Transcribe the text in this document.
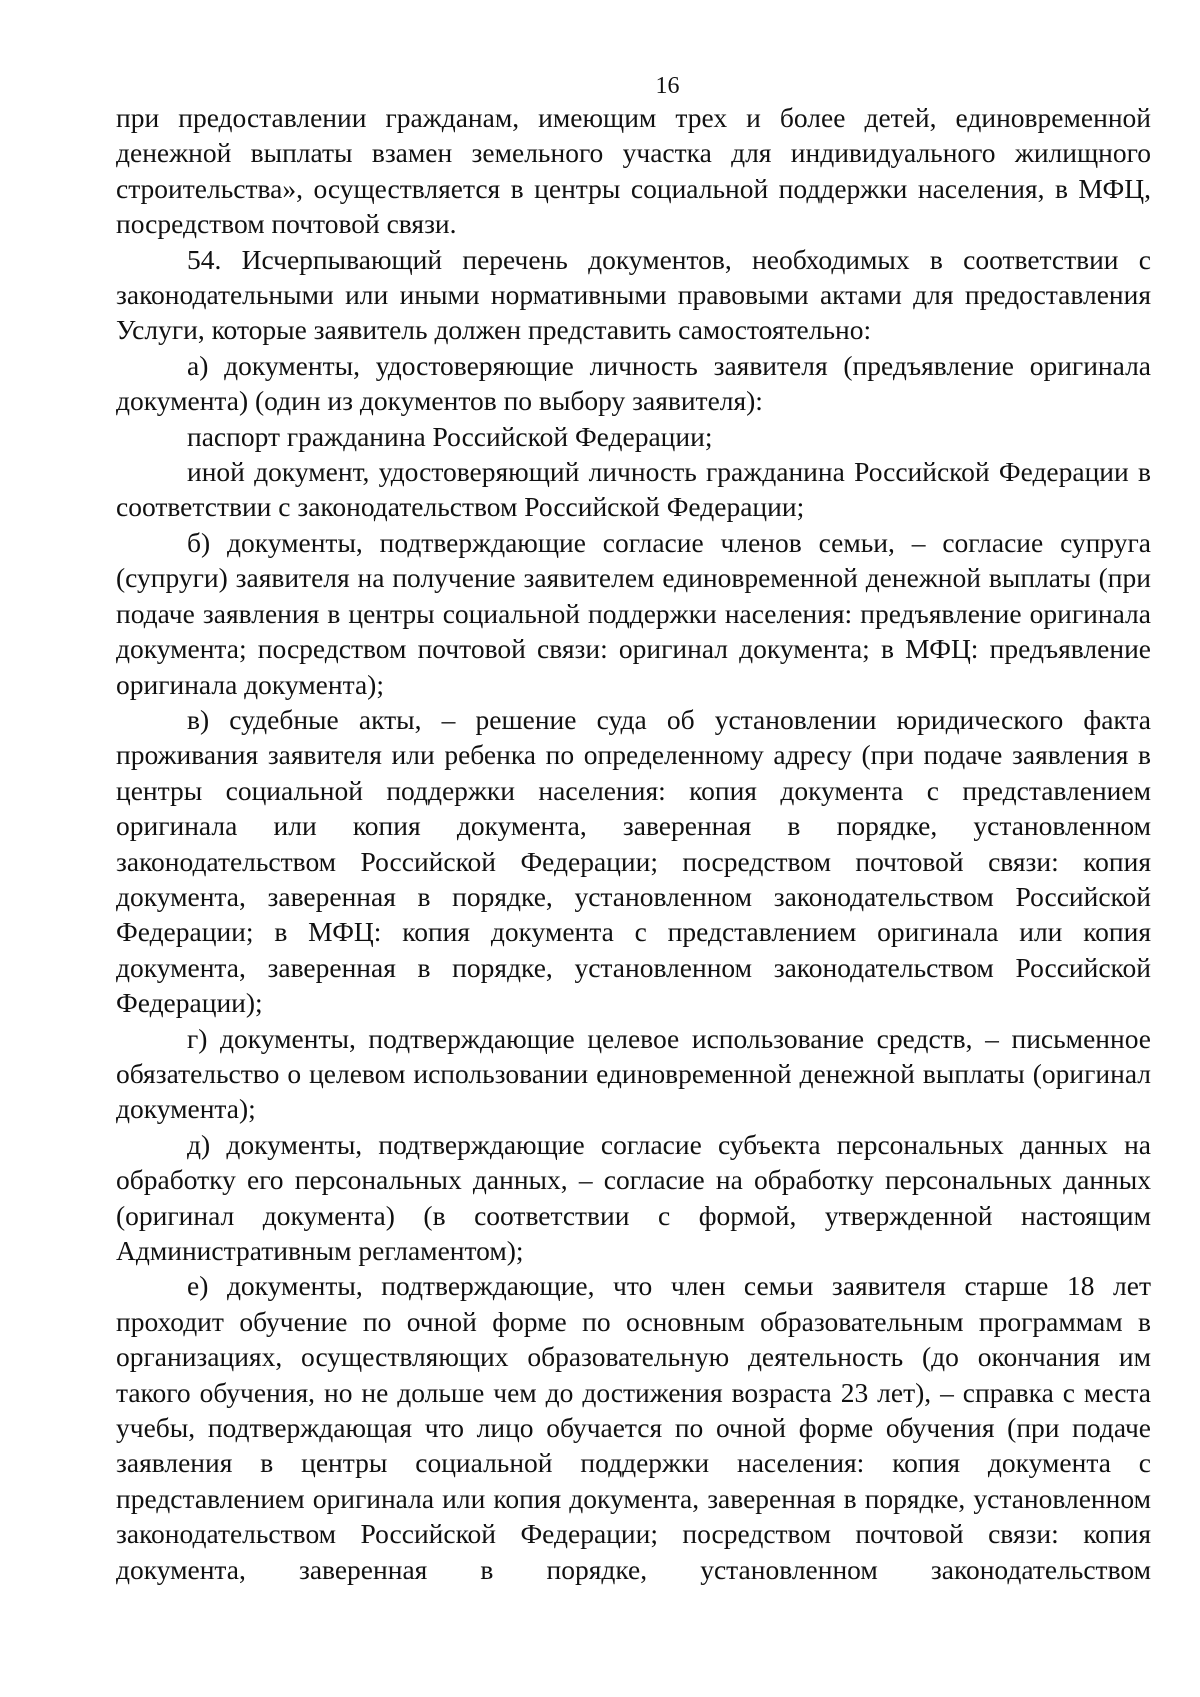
16

при предоставлении гражданам, имеющим трех и более детей, единовременной денежной выплаты взамен земельного участка для индивидуального жилищного строительства», осуществляется в центры социальной поддержки населения, в МФЦ, посредством почтовой связи.

54. Исчерпывающий перечень документов, необходимых в соответствии с законодательными или иными нормативными правовыми актами для предоставления Услуги, которые заявитель должен представить самостоятельно:

а) документы, удостоверяющие личность заявителя (предъявление оригинала документа) (один из документов по выбору заявителя):

паспорт гражданина Российской Федерации;

иной документ, удостоверяющий личность гражданина Российской Федерации в соответствии с законодательством Российской Федерации;

б) документы, подтверждающие согласие членов семьи, – согласие супруга (супруги) заявителя на получение заявителем единовременной денежной выплаты (при подаче заявления в центры социальной поддержки населения: предъявление оригинала документа; посредством почтовой связи: оригинал документа; в МФЦ: предъявление оригинала документа);

в) судебные акты, – решение суда об установлении юридического факта проживания заявителя или ребенка по определенному адресу (при подаче заявления в центры социальной поддержки населения: копия документа с представлением оригинала или копия документа, заверенная в порядке, установленном законодательством Российской Федерации; посредством почтовой связи: копия документа, заверенная в порядке, установленном законодательством Российской Федерации; в МФЦ: копия документа с представлением оригинала или копия документа, заверенная в порядке, установленном законодательством Российской Федерации);

г) документы, подтверждающие целевое использование средств, – письменное обязательство о целевом использовании единовременной денежной выплаты (оригинал документа);

д) документы, подтверждающие согласие субъекта персональных данных на обработку его персональных данных, – согласие на обработку персональных данных (оригинал документа) (в соответствии с формой, утвержденной настоящим Административным регламентом);

е) документы, подтверждающие, что член семьи заявителя старше 18 лет проходит обучение по очной форме по основным образовательным программам в организациях, осуществляющих образовательную деятельность (до окончания им такого обучения, но не дольше чем до достижения возраста 23 лет), – справка с места учебы, подтверждающая что лицо обучается по очной форме обучения (при подаче заявления в центры социальной поддержки населения: копия документа с представлением оригинала или копия документа, заверенная в порядке, установленном законодательством Российской Федерации; посредством почтовой связи: копия документа, заверенная в порядке, установленном законодательством
